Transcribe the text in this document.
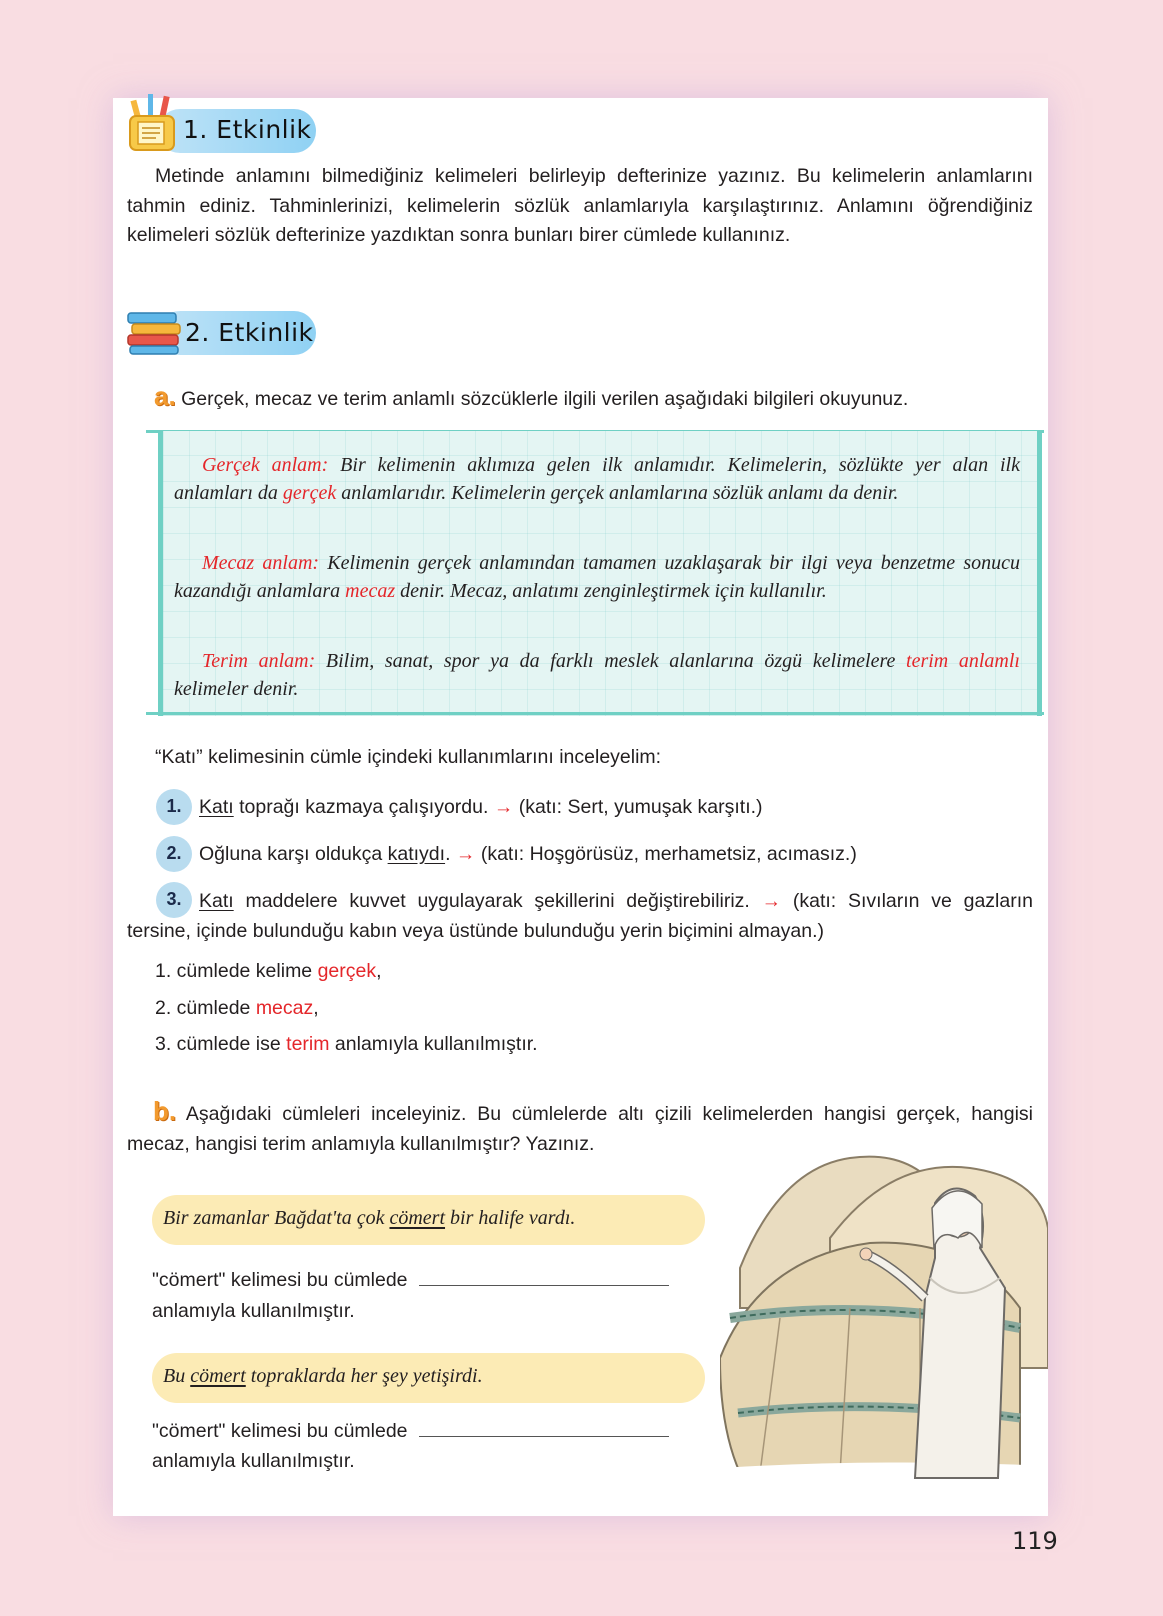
1. Etkinlik
Metinde anlamını bilmediğiniz kelimeleri belirleyip defterinize yazınız. Bu kelimelerin anlamlarını tahmin ediniz. Tahminlerinizi, kelimelerin sözlük anlamlarıyla karşılaştırınız. Anlamını öğrendiğiniz kelimeleri sözlük defterinize yazdıktan sonra bunları birer cümlede kullanınız.
2. Etkinlik
a. Gerçek, mecaz ve terim anlamlı sözcüklerle ilgili verilen aşağıdaki bilgileri okuyunuz.
Gerçek anlam: Bir kelimenin aklımıza gelen ilk anlamıdır. Kelimelerin, sözlükte yer alan ilk anlamları da gerçek anlamlarıdır. Kelimelerin gerçek anlamlarına sözlük anlamı da denir.
Mecaz anlam: Kelimenin gerçek anlamından tamamen uzaklaşarak bir ilgi veya benzetme sonucu kazandığı anlamlara mecaz denir. Mecaz, anlatımı zenginleştirmek için kullanılır.
Terim anlam: Bilim, sanat, spor ya da farklı meslek alanlarına özgü kelimelere terim anlamlı kelimeler denir.
“Katı” kelimesinin cümle içindeki kullanımlarını inceleyelim:
1. Katı toprağı kazmaya çalışıyordu. → (katı: Sert, yumuşak karşıtı.)
2. Oğluna karşı oldukça katıydı. → (katı: Hoşgörüsüz, merhametsiz, acımasız.)
3. Katı maddelere kuvvet uygulayarak şekillerini değiştirebiliriz. → (katı: Sıvıların ve gazların tersine, içinde bulunduğu kabın veya üstünde bulunduğu yerin biçimini almayan.)
1. cümlede kelime gerçek,
2. cümlede mecaz,
3. cümlede ise terim anlamıyla kullanılmıştır.
b. Aşağıdaki cümleleri inceleyiniz. Bu cümlelerde altı çizili kelimelerden hangisi gerçek, hangisi mecaz, hangisi terim anlamıyla kullanılmıştır? Yazınız.
Bir zamanlar Bağdat'ta çok cömert bir halife vardı.
"cömert" kelimesi bu cümlede
anlamıyla kullanılmıştır.
Bu cömert topraklarda her şey yetişirdi.
"cömert" kelimesi bu cümlede
anlamıyla kullanılmıştır.
119
